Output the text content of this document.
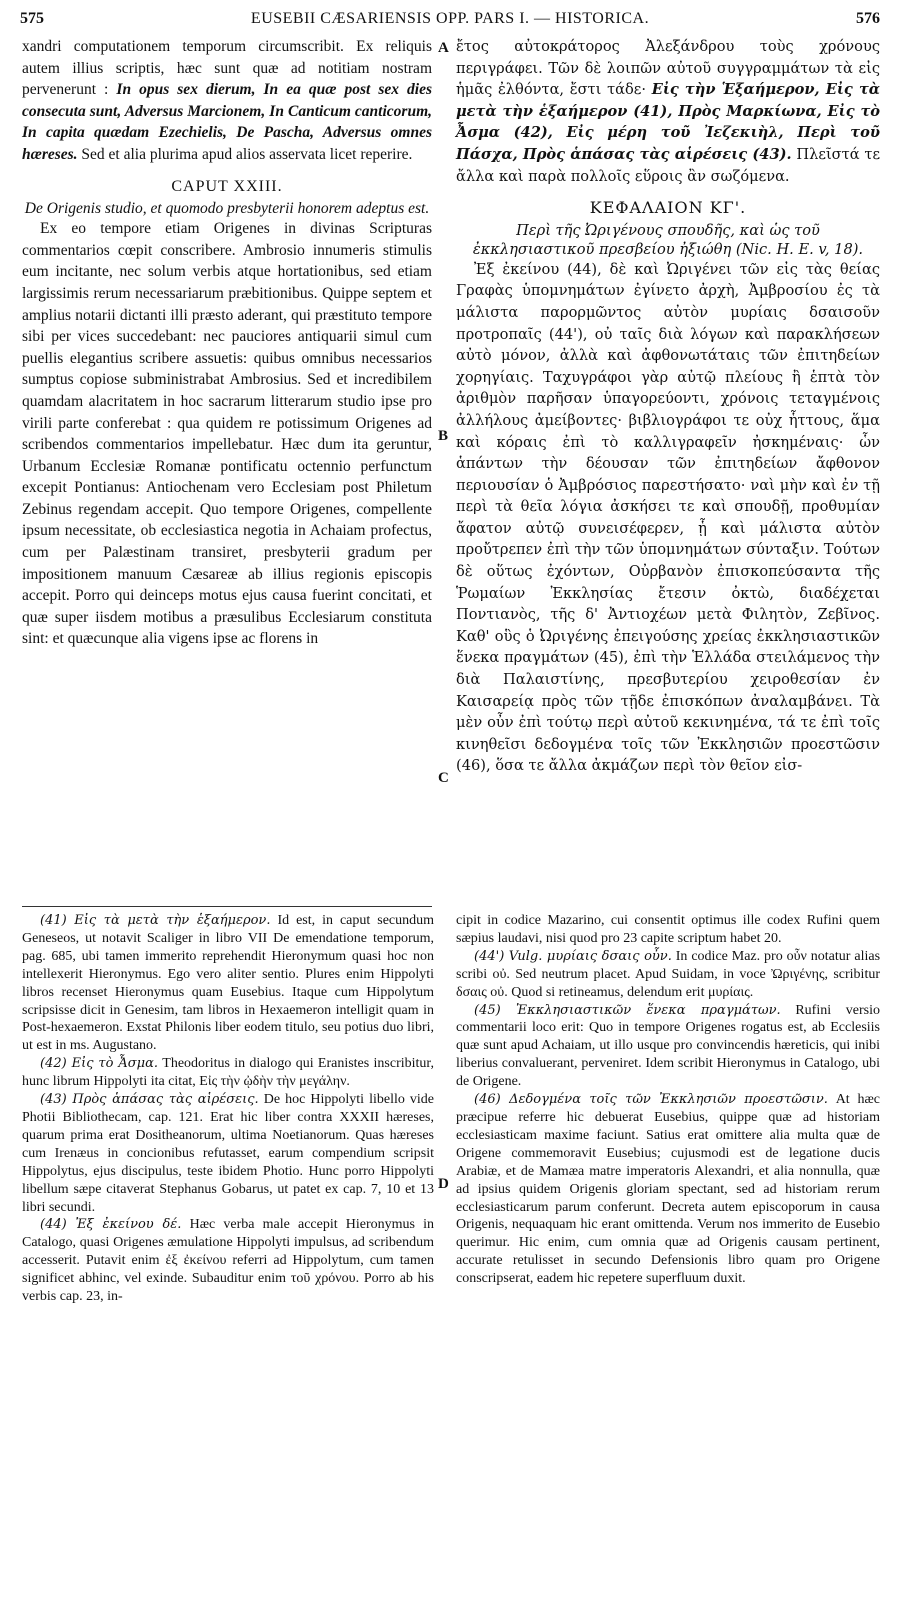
575	EUSEBII CÆSARIENSIS OPP. PARS I. — HISTORICA.	576
A
B
C
D

xandri computationem temporum circumscribit. Ex reliquis autem illius scriptis, hæc sunt quæ ad notitiam nostram pervenerunt : In opus sex dierum, In ea quæ post sex dies consecuta sunt, Adversus Marcionem, In Canticum canticorum, In capita quædam Ezechielis, De Pascha, Adversus omnes hæreses. Sed et alia plurima apud alios asservata licet reperire.

CAPUT XXIII.

De Origenis studio, et quomodo presbyterii honorem adeptus est.

Ex eo tempore etiam Origenes in divinas Scripturas commentarios cœpit conscribere. Ambrosio innumeris stimulis eum incitante, nec solum verbis atque hortationibus, sed etiam largissimis rerum necessariarum præbitionibus. Quippe septem et amplius notarii dictanti illi præsto aderant, qui præstituto tempore sibi per vices succedebant: nec pauciores antiquarii simul cum puellis elegantius scribere assuetis: quibus omnibus necessarios sumptus copiose subministrabat Ambrosius. Sed et incredibilem quamdam alacritatem in hoc sacrarum litterarum studio ipse pro virili parte conferebat : qua quidem re potissimum Origenes ad scribendos commentarios impellebatur. Hæc dum ita geruntur, Urbanum Ecclesiæ Romanæ pontificatu octennio perfunctum excepit Pontianus: Antiochenam vero Ecclesiam post Philetum Zebinus regendam accepit. Quo tempore Origenes, compellente ipsum necessitate, ob ecclesiastica negotia in Achaiam profectus, cum per Palæstinam transiret, presbyterii gradum per impositionem manuum Cæsareæ ab illius regionis episcopis accepit. Porro qui deinceps motus ejus causa fuerint concitati, et quæ super iisdem motibus a præsulibus Ecclesiarum constituta sint: et quæcunque alia vigens ipse ac florens in

ἔτος αὐτοκράτορος Ἀλεξάνδρου τοὺς χρόνους περιγράφει. Τῶν δὲ λοιπῶν αὐτοῦ συγγραμμάτων τὰ εἰς ἡμᾶς ἐλθόντα, ἔστι τάδε· Εἰς τὴν Ἑξαήμερον, Εἰς τὰ μετὰ τὴν ἑξαήμερον (41), Πρὸς Μαρκίωνα, Εἰς τὸ Ἆσμα (42), Εἰς μέρη τοῦ Ἰεζεκιὴλ, Περὶ τοῦ Πάσχα, Πρὸς ἁπάσας τὰς αἱρέσεις (43). Πλεῖστά τε ἄλλα καὶ παρὰ πολλοῖς εὕροις ἂν σωζόμενα.

ΚΕΦΑΛΑΙΟΝ ΚΓ'.

Περὶ τῆς Ὠριγένους σπουδῆς, καὶ ὡς τοῦ ἐκκλησιαστικοῦ πρεσβείου ἠξιώθη (Nic. H. E. v, 18).

Ἐξ ἐκείνου (44), δὲ καὶ Ὠριγένει τῶν εἰς τὰς θείας Γραφὰς ὑπομνημάτων ἐγίνετο ἀρχὴ, Ἀμβροσίου ἐς τὰ μάλιστα παρορμῶντος αὐτὸν μυρίαις δσαισοῦν προτροπαῖς (44'), οὐ ταῖς διὰ λόγων καὶ παρακλήσεων αὐτὸ μόνον, ἀλλὰ καὶ ἀφθονωτάταις τῶν ἐπιτηδείων χορηγίαις. Ταχυγράφοι γὰρ αὐτῷ πλείους ἢ ἑπτὰ τὸν ἀριθμὸν παρῆσαν ὑπαγορεύοντι, χρόνοις τεταγμένοις ἀλλήλους ἀμείβοντες· βιβλιογράφοι τε οὐχ ἧττους, ἅμα καὶ κόραις ἐπὶ τὸ καλλιγραφεῖν ἠσκημέναις· ὧν ἁπάντων τὴν δέουσαν τῶν ἐπιτηδείων ἄφθονον περιουσίαν ὁ Ἀμβρόσιος παρεστήσατο· ναὶ μὴν καὶ ἐν τῇ περὶ τὰ θεῖα λόγια ἀσκήσει τε καὶ σπουδῇ, προθυμίαν ἄφατον αὐτῷ συνεισέφερεν, ᾗ καὶ μάλιστα αὐτὸν προὔτρεπεν ἐπὶ τὴν τῶν ὑπομνημάτων σύνταξιν. Τούτων δὲ οὕτως ἐχόντων, Οὐρβανὸν ἐπισκοπεύσαντα τῆς Ῥωμαίων Ἐκκλησίας ἔτεσιν ὀκτὼ, διαδέχεται Ποντιανὸς, τῆς δ' Ἀντιοχέων μετὰ Φιλητὸν, Ζεβῖνος. Καθ' οὓς ὁ Ὠριγένης ἐπειγούσης χρείας ἐκκλησιαστικῶν ἕνεκα πραγμάτων (45), ἐπὶ τὴν Ἑλλάδα στειλάμενος τὴν διὰ Παλαιστίνης, πρεσβυτερίου χειροθεσίαν ἐν Καισαρείᾳ πρὸς τῶν τῇδε ἐπισκόπων ἀναλαμβάνει. Τὰ μὲν οὖν ἐπὶ τούτῳ περὶ αὐτοῦ κεκινημένα, τά τε ἐπὶ τοῖς κινηθεῖσι δεδογμένα τοῖς τῶν Ἐκκλησιῶν προεστῶσιν (46), ὅσα τε ἄλλα ἀκμάζων περὶ τὸν θεῖον εἰσ-

(41) Εἰς τὰ μετὰ τὴν ἑξαήμερον. Id est, in caput secundum Geneseos, ut notavit Scaliger in libro VII De emendatione temporum, pag. 685, ubi tamen immerito reprehendit Hieronymum quasi hoc non intellexerit Hieronymus. Ego vero aliter sentio. Plures enim Hippolyti libros recenset Hieronymus quam Eusebius. Itaque cum Hippolytum scripsisse dicit in Genesim, tam libros in Hexaemeron intelligit quam in Post-hexaemeron. Exstat Philonis liber eodem titulo, seu potius duo libri, ut est in ms. Augustano.

(42) Εἰς τὸ Ἆσμα. Theodoritus in dialogo qui Eranistes inscribitur, hunc librum Hippolyti ita citat, Εἰς τὴν ᾠδὴν τὴν μεγάλην.

(43) Πρὸς ἁπάσας τὰς αἱρέσεις. De hoc Hippolyti libello vide Photii Bibliothecam, cap. 121. Erat hic liber contra XXXII hæreses, quarum prima erat Dositheanorum, ultima Noetianorum. Quas hæreses cum Irenæus in concionibus refutasset, earum compendium scripsit Hippolytus, ejus discipulus, teste ibidem Photio. Hunc porro Hippolyti libellum sæpe citaverat Stephanus Gobarus, ut patet ex cap. 7, 10 et 13 libri secundi.

(44) Ἐξ ἐκείνου δέ. Hæc verba male accepit Hieronymus in Catalogo, quasi Origenes æmulatione Hippolyti impulsus, ad scribendum accesserit. Putavit enim ἐξ ἐκείνου referri ad Hippolytum, cum tamen significet abhinc, vel exinde. Subauditur enim τοῦ χρόνου. Porro ab his verbis cap. 23, in-

cipit in codice Mazarino, cui consentit optimus ille codex Rufini quem sæpius laudavi, nisi quod pro 23 capite scriptum habet 20.

(44') Vulg. μυρίαις δσαις οὖν. In codice Maz. pro οὖν notatur alias scribi οὐ. Sed neutrum placet. Apud Suidam, in voce Ὠριγένης, scribitur δσαις οὐ. Quod si retineamus, delendum erit μυρίαις.

(45) Ἐκκλησιαστικῶν ἕνεκα πραγμάτων. Rufini versio commentarii loco erit: Quo in tempore Origenes rogatus est, ab Ecclesiis quæ sunt apud Achaiam, ut illo usque pro convincendis hæreticis, qui inibi liberius convaluerant, perveniret. Idem scribit Hieronymus in Catalogo, ubi de Origene.

(46) Δεδογμένα τοῖς τῶν Ἐκκλησιῶν προεστῶσιν. At hæc præcipue referre hic debuerat Eusebius, quippe quæ ad historiam ecclesiasticam maxime faciunt. Satius erat omittere alia multa quæ de Origene commemoravit Eusebius; cujusmodi est de legatione ducis Arabiæ, et de Mamæa matre imperatoris Alexandri, et alia nonnulla, quæ ad ipsius quidem Origenis gloriam spectant, sed ad historiam rerum ecclesiasticarum parum conferunt. Decreta autem episcoporum in causa Origenis, nequaquam hic erant omittenda. Verum nos immerito de Eusebio querimur. Hic enim, cum omnia quæ ad Origenis causam pertinent, accurate retulisset in secundo Defensionis libro quam pro Origene conscripserat, eadem hic repetere superfluum duxit.
